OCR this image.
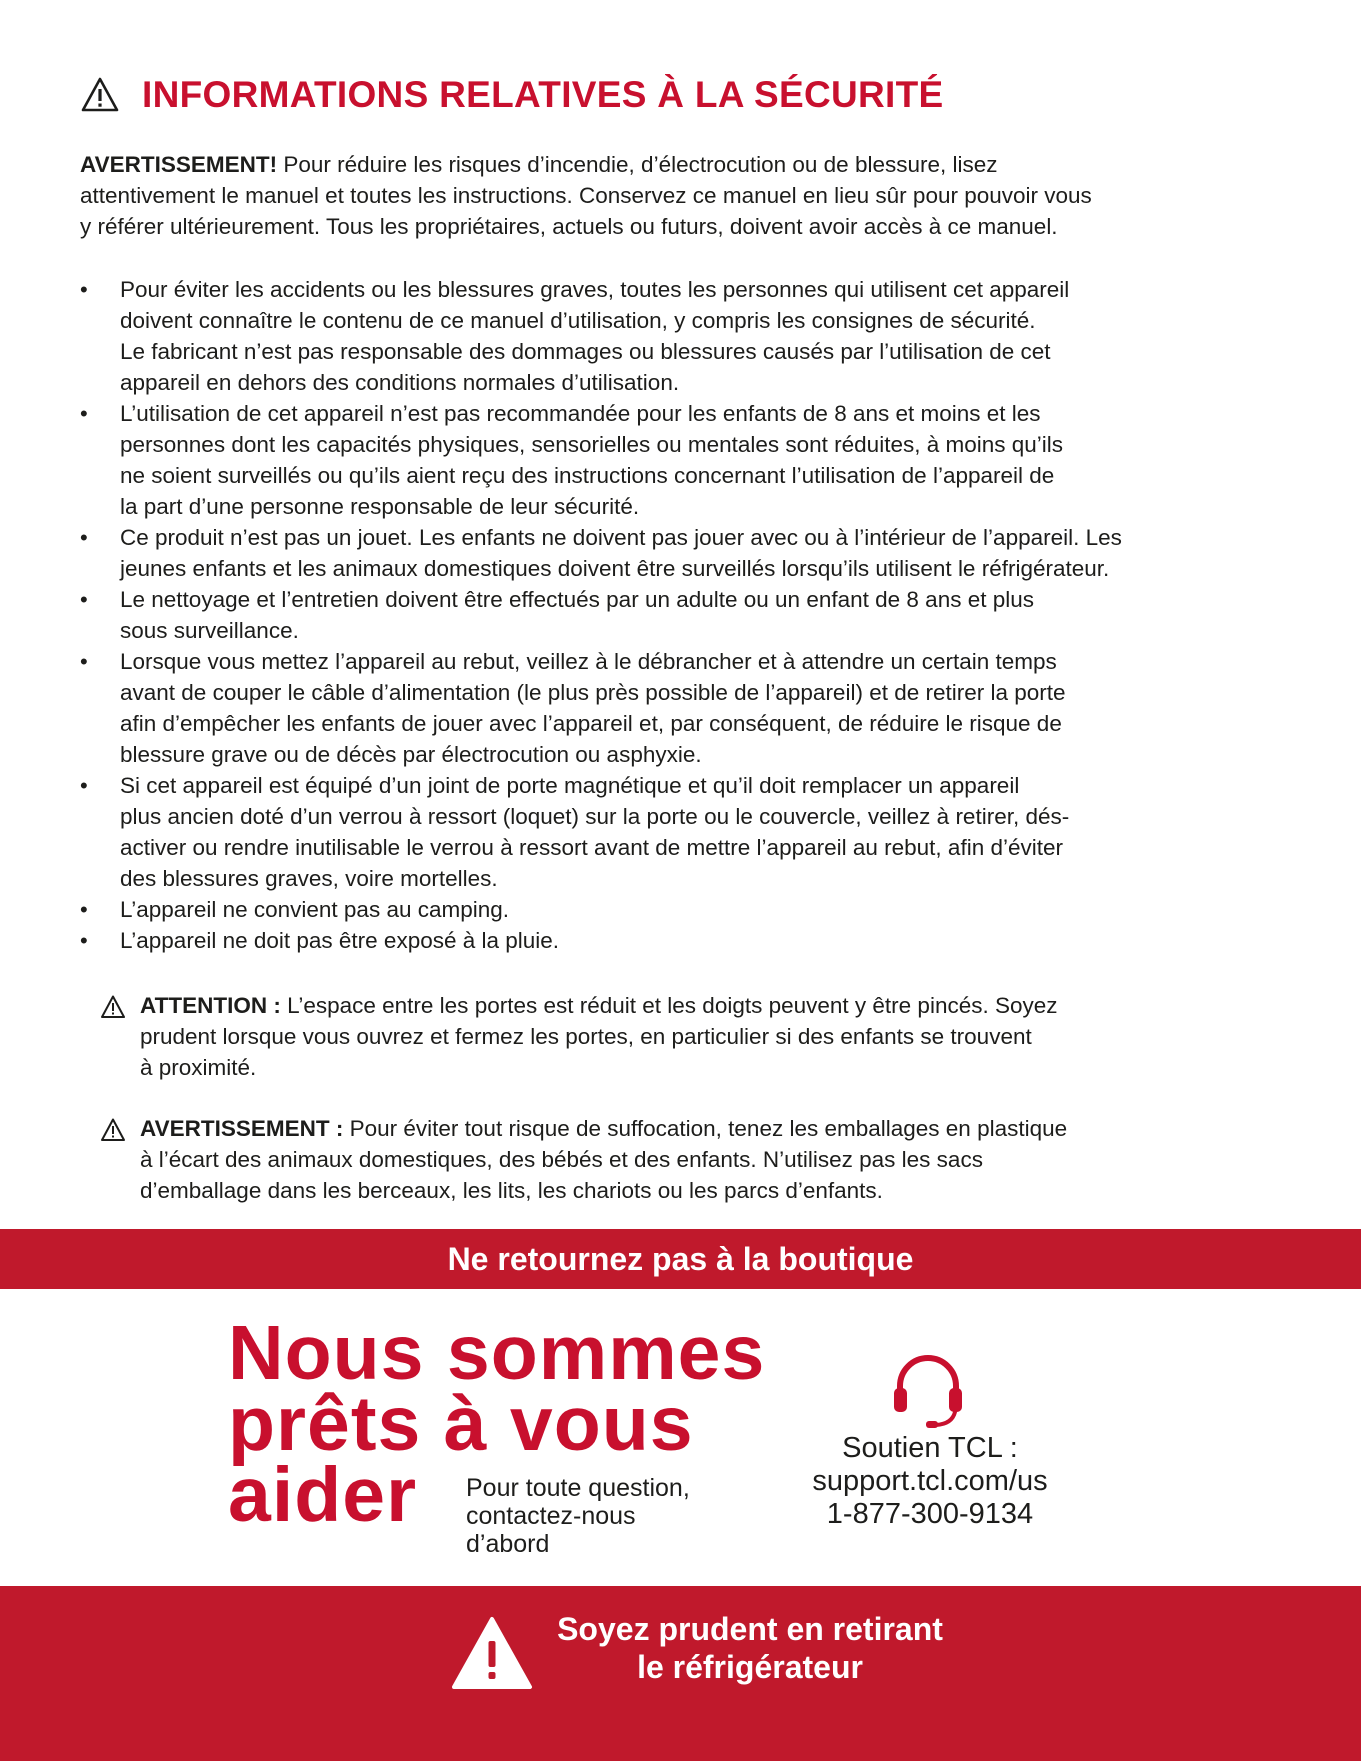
INFORMATIONS RELATIVES À LA SÉCURITÉ

AVERTISSEMENT! Pour réduire les risques d’incendie, d’électrocution ou de blessure, lisez
attentivement le manuel et toutes les instructions. Conservez ce manuel en lieu sûr pour pouvoir vous
y référer ultérieurement. Tous les propriétaires, actuels ou futurs, doivent avoir accès à ce manuel.

• Pour éviter les accidents ou les blessures graves, toutes les personnes qui utilisent cet appareil
doivent connaître le contenu de ce manuel d’utilisation, y compris les consignes de sécurité.
Le fabricant n’est pas responsable des dommages ou blessures causés par l’utilisation de cet
appareil en dehors des conditions normales d’utilisation.
• L’utilisation de cet appareil n’est pas recommandée pour les enfants de 8 ans et moins et les
personnes dont les capacités physiques, sensorielles ou mentales sont réduites, à moins qu’ils
ne soient surveillés ou qu’ils aient reçu des instructions concernant l’utilisation de l’appareil de
la part d’une personne responsable de leur sécurité.
• Ce produit n’est pas un jouet. Les enfants ne doivent pas jouer avec ou à l’intérieur de l’appareil. Les
jeunes enfants et les animaux domestiques doivent être surveillés lorsqu’ils utilisent le réfrigérateur.
• Le nettoyage et l’entretien doivent être effectués par un adulte ou un enfant de 8 ans et plus
sous surveillance.
• Lorsque vous mettez l’appareil au rebut, veillez à le débrancher et à attendre un certain temps
avant de couper le câble d’alimentation (le plus près possible de l’appareil) et de retirer la porte
afin d’empêcher les enfants de jouer avec l’appareil et, par conséquent, de réduire le risque de
blessure grave ou de décès par électrocution ou asphyxie.
• Si cet appareil est équipé d’un joint de porte magnétique et qu’il doit remplacer un appareil
plus ancien doté d’un verrou à ressort (loquet) sur la porte ou le couvercle, veillez à retirer, dés-
activer ou rendre inutilisable le verrou à ressort avant de mettre l’appareil au rebut, afin d’éviter
des blessures graves, voire mortelles.
• L’appareil ne convient pas au camping.
• L’appareil ne doit pas être exposé à la pluie.
ATTENTION : L’espace entre les portes est réduit et les doigts peuvent y être pincés. Soyez
prudent lorsque vous ouvrez et fermez les portes, en particulier si des enfants se trouvent
à proximité.
AVERTISSEMENT : Pour éviter tout risque de suffocation, tenez les emballages en plastique
à l’écart des animaux domestiques, des bébés et des enfants. N’utilisez pas les sacs
d’emballage dans les berceaux, les lits, les chariots ou les parcs d’enfants.
Ne retournez pas à la boutique
Nous sommes
prêts à vous
aider	Pour toute question,
contactez-nous
d’abord
Soutien TCL :
support.tcl.com/us
1-877-300-9134
Soyez prudent en retirant
le réfrigérateur
